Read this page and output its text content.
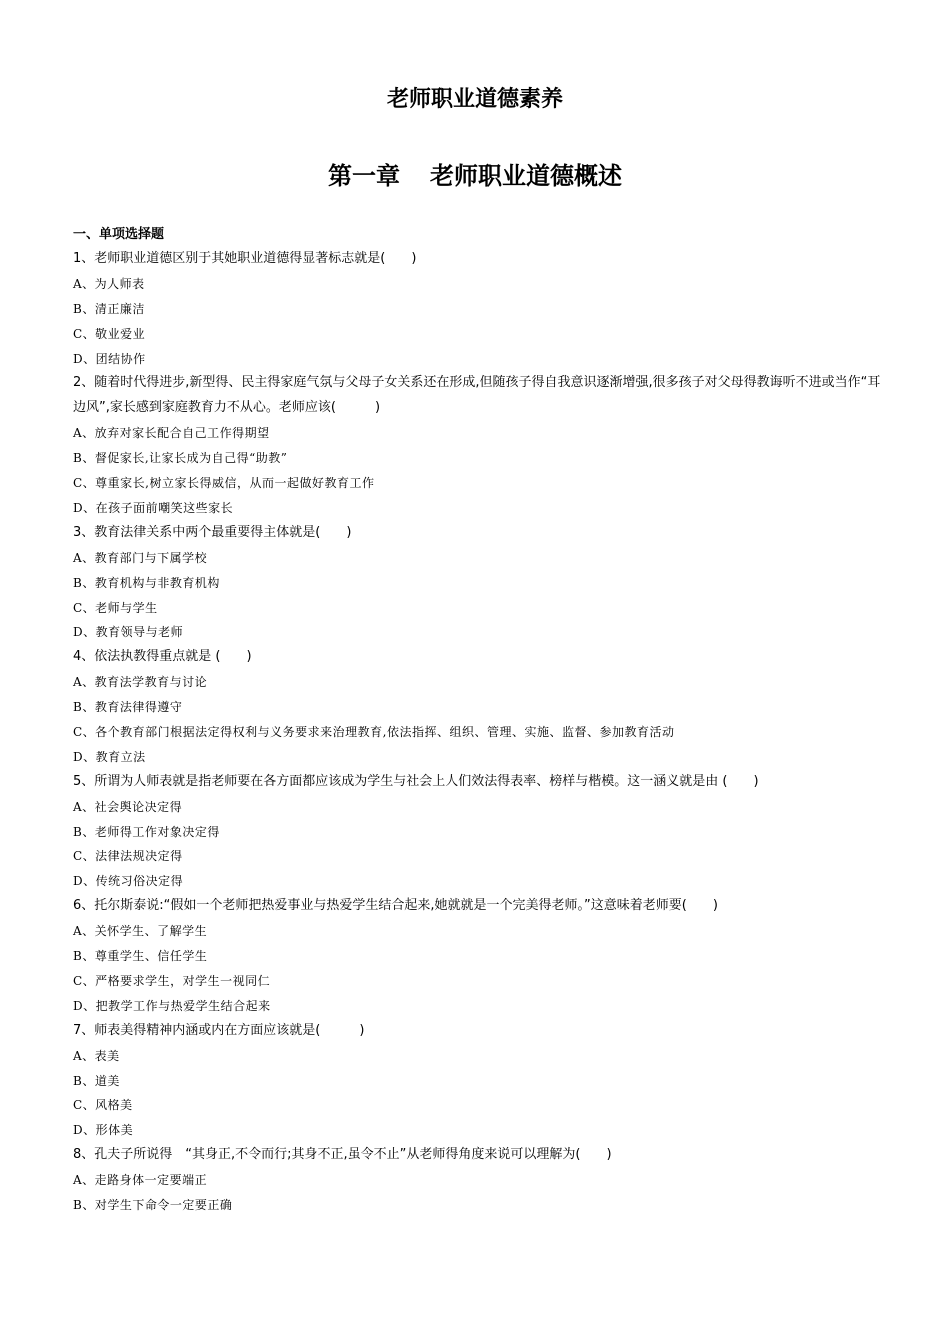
老师职业道德素养
第一章 老师职业道德概述

一、单项选择题

1、老师职业道德区别于其她职业道德得显著标志就是(　　)

A、为人师表

B、清正廉洁

C、敬业爱业

D、团结协作

2、随着时代得进步,新型得、民主得家庭气氛与父母子女关系还在形成,但随孩子得自我意识逐渐增强,很多孩子对父母得教诲听不进或当作“耳边风”,家长感到家庭教育力不从心。老师应该(　　　)

A、放弃对家长配合自己工作得期望

B、督促家长,让家长成为自己得“助教”

C、尊重家长,树立家长得威信，从而一起做好教育工作

D、在孩子面前嘲笑这些家长

3、教育法律关系中两个最重要得主体就是(　　)

A、教育部门与下属学校

B、教育机构与非教育机构

C、老师与学生

D、教育领导与老师

4、依法执教得重点就是 (　　)

A、教育法学教育与讨论

B、教育法律得遵守

C、各个教育部门根据法定得权利与义务要求来治理教育,依法指挥、组织、管理、实施、监督、参加教育活动

D、教育立法

5、所谓为人师表就是指老师要在各方面都应该成为学生与社会上人们效法得表率、榜样与楷模。这一涵义就是由 (　　)

A、社会舆论决定得

B、老师得工作对象决定得

C、法律法规决定得

D、传统习俗决定得

6、托尔斯泰说:“假如一个老师把热爱事业与热爱学生结合起来,她就就是一个完美得老师。”这意味着老师要(　　)

A、关怀学生、了解学生

B、尊重学生、信任学生

C、严格要求学生，对学生一视同仁

D、把教学工作与热爱学生结合起来

7、师表美得精神内涵或内在方面应该就是(　　　)

A、表美

B、道美

C、风格美

D、形体美

8、孔夫子所说得　“其身正,不令而行;其身不正,虽令不止”从老师得角度来说可以理解为(　　)

A、走路身体一定要端正

B、对学生下命令一定要正确
